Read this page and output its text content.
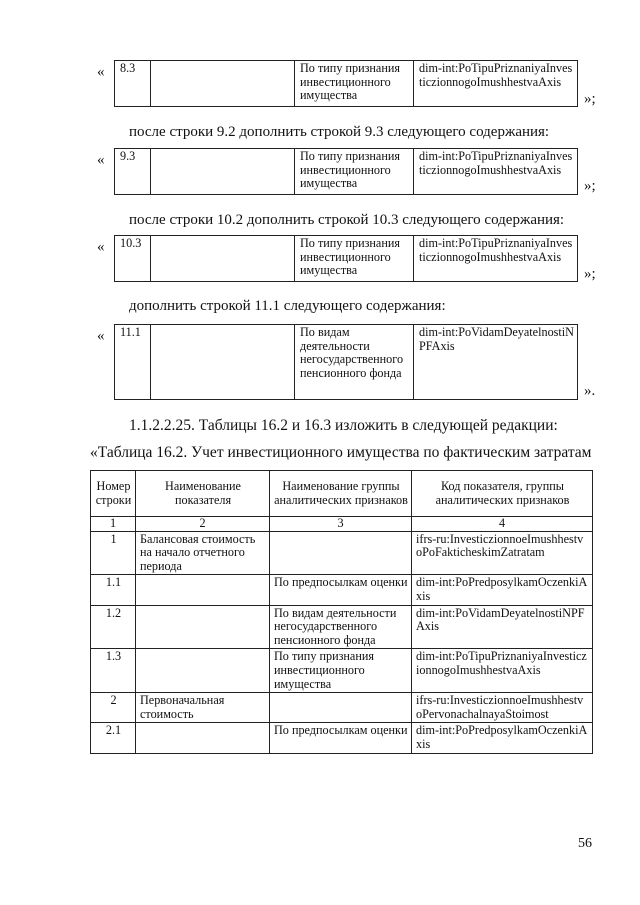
« 8.3		По типу признания инвестиционного имущества	dim-int:PoTipuPriznaniyaInvesticzionnogoImushhestvaAxis
»;
после строки 9.2 дополнить строкой 9.3 следующего содержания:
« 9.3		По типу признания инвестиционного имущества	dim-int:PoTipuPriznaniyaInvesticzionnogoImushhestvaAxis
»;
после строки 10.2 дополнить строкой 10.3 следующего содержания:
« 10.3		По типу признания инвестиционного имущества	dim-int:PoTipuPriznaniyaInvesticzionnogoImushhestvaAxis
»;
дополнить строкой 11.1 следующего содержания:
« 11.1		По видам деятельности негосударственного пенсионного фонда	dim-int:PoVidamDeyatelnostiNPFAxis
».
1.1.2.2.25. Таблицы 16.2 и 16.3 изложить в следующей редакции:
«Таблица 16.2. Учет инвестиционного имущества по фактическим затратам
Номер строки	Наименование показателя	Наименование группы аналитических признаков	Код показателя, группы аналитических признаков
1	2	3	4
1	Балансовая стоимость на начало отчетного периода		ifrs-ru:InvesticzionnoeImushhestvoPoFakticheskimZatratam
1.1		По предпосылкам оценки	dim-int:PoPredposylkamOczenkiAxis
1.2		По видам деятельности негосударственного пенсионного фонда	dim-int:PoVidamDeyatelnostiNPFAxis
1.3		По типу признания инвестиционного имущества	dim-int:PoTipuPriznaniyaInvesticzionnogoImushhestvaAxis
2	Первоначальная стоимость		ifrs-ru:InvesticzionnoeImushhestvoPervonachalnayaStoimost
2.1		По предпосылкам оценки	dim-int:PoPredposylkamOczenkiAxis
56
